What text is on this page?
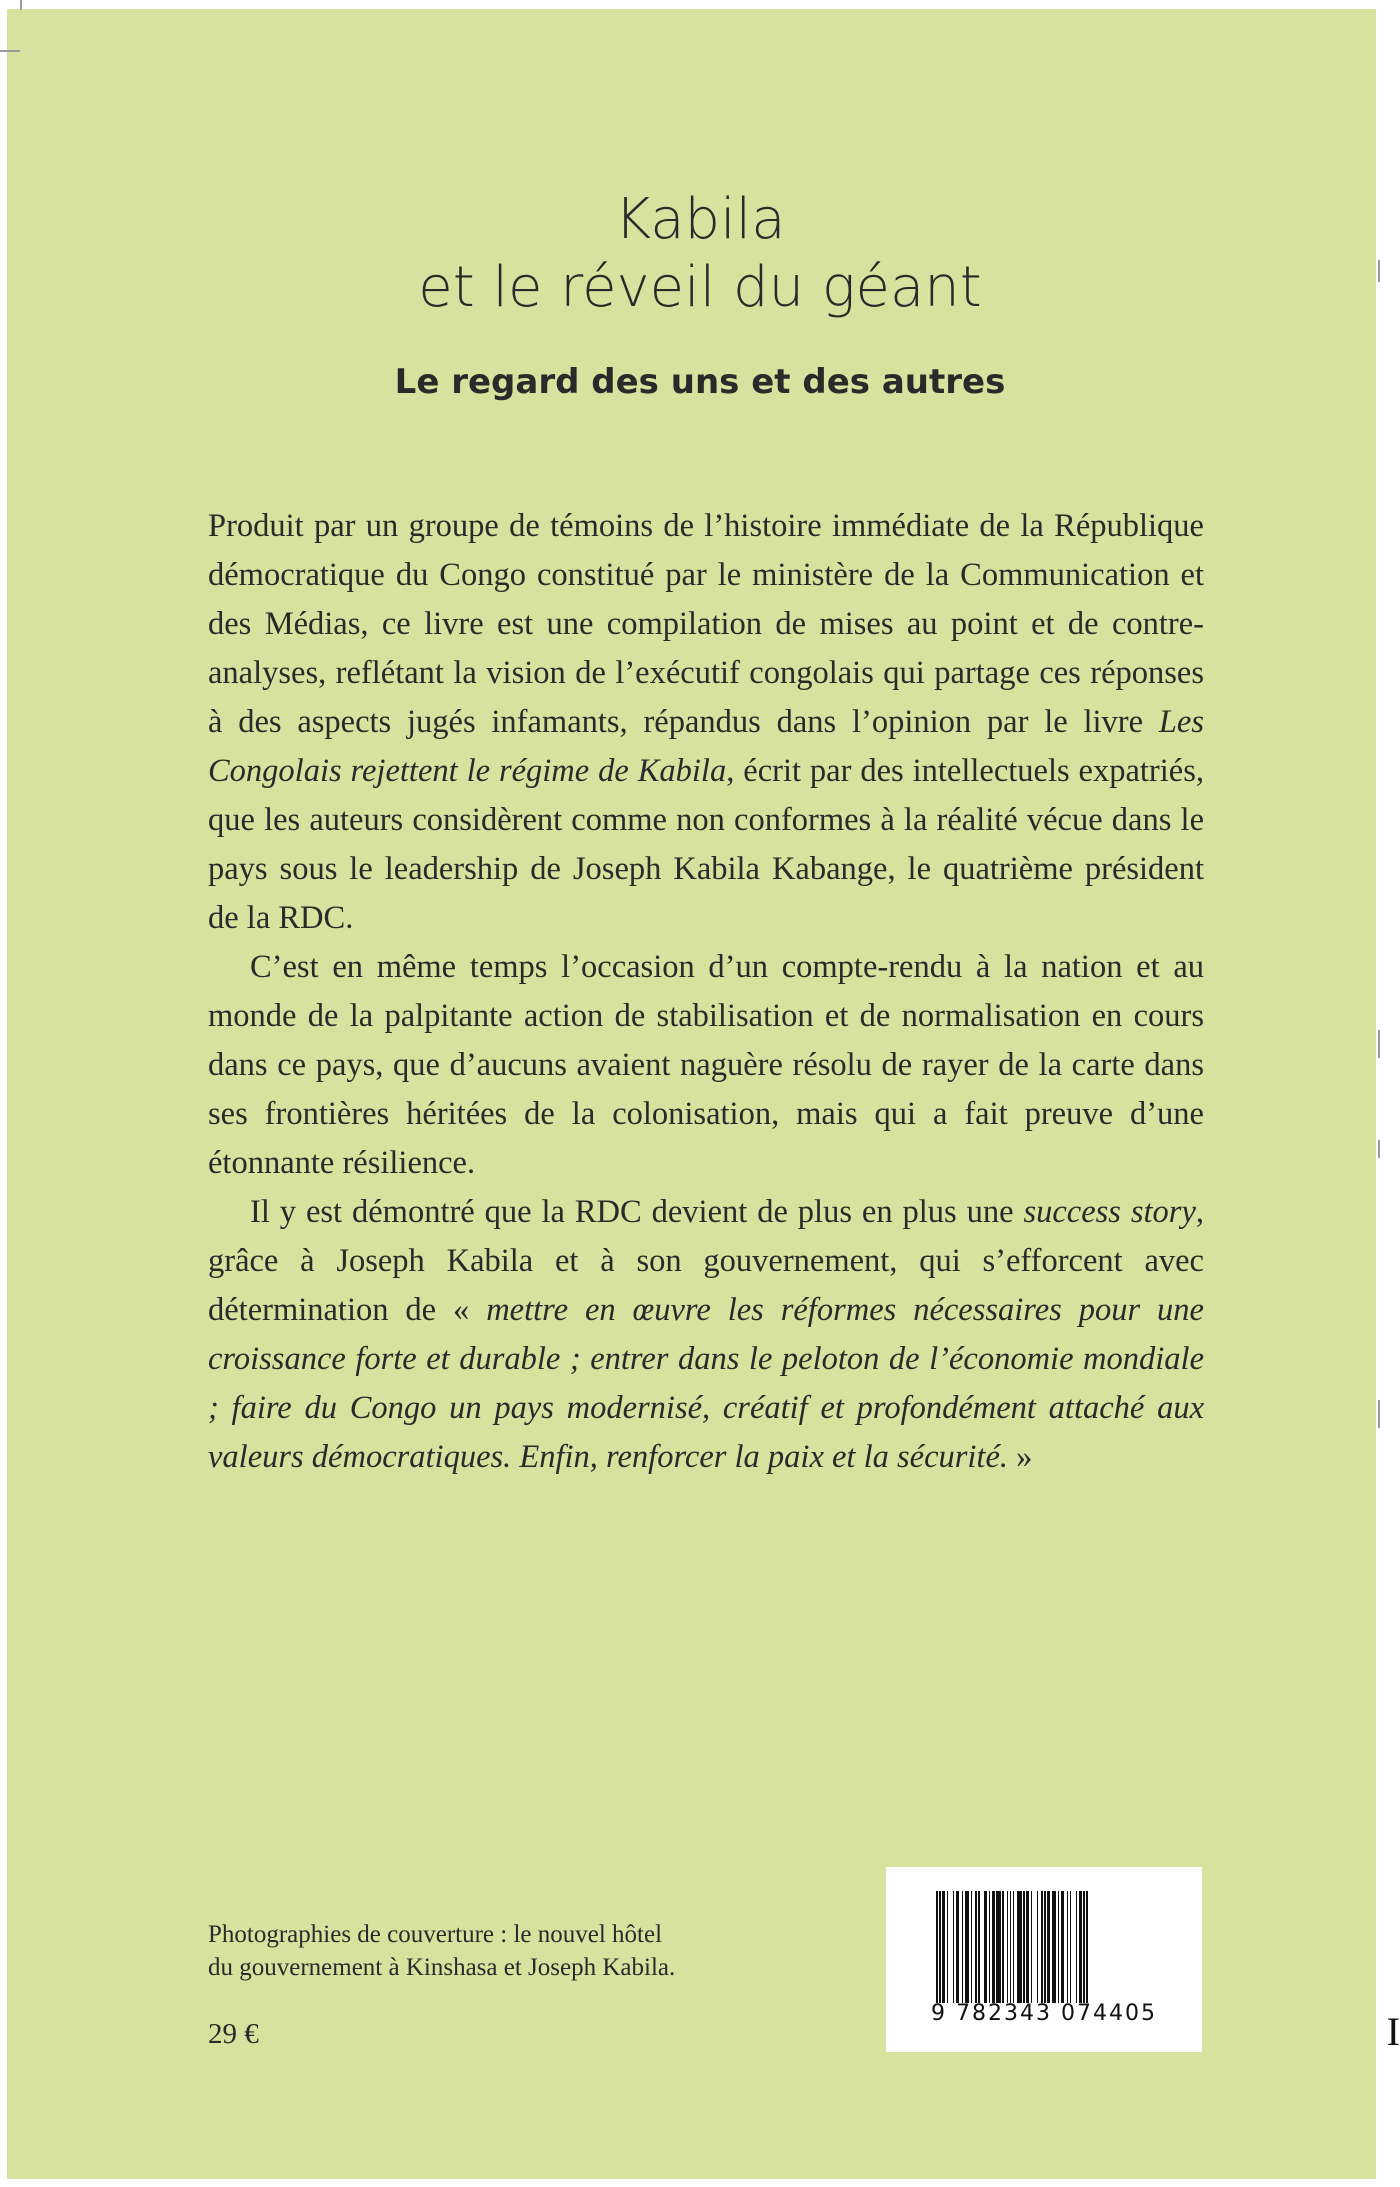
Kabila
et le réveil du géant
Le regard des uns et des autres

Produit par un groupe de témoins de l’histoire immédiate de la République démocratique du Congo constitué par le ministère de la Communication et des Médias, ce livre est une compilation de mises au point et de contre-analyses, reflétant la vision de l’exécutif congolais qui partage ces réponses à des aspects jugés infamants, répandus dans l’opinion par le livre Les Congolais rejettent le régime de Kabila, écrit par des intellectuels expatriés, que les auteurs considèrent comme non conformes à la réalité vécue dans le pays sous le leadership de Joseph Kabila Kabange, le quatrième président de la RDC.

C’est en même temps l’occasion d’un compte-rendu à la nation et au monde de la palpitante action de stabilisation et de normalisation en cours dans ce pays, que d’aucuns avaient naguère résolu de rayer de la carte dans ses frontières héritées de la colonisation, mais qui a fait preuve d’une étonnante résilience.

Il y est démontré que la RDC devient de plus en plus une success story, grâce à Joseph Kabila et à son gouvernement, qui s’efforcent avec détermination de « mettre en œuvre les réformes nécessaires pour une croissance forte et durable ; entrer dans le peloton de l’économie mondiale ; faire du Congo un pays modernisé, créatif et profondément attaché aux valeurs démocratiques. Enfin, renforcer la paix et la sécurité. »

Photographies de couverture : le nouvel hôtel
du gouvernement à Kinshasa et Joseph Kabila.
29 €
9 782343 074405	I
